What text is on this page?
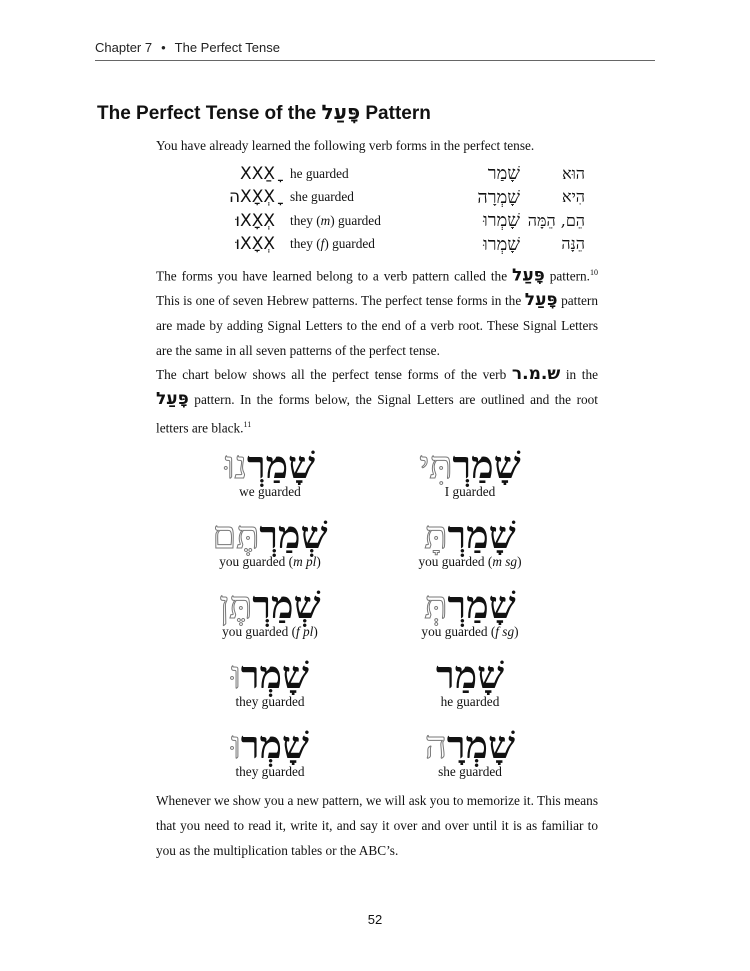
Chapter 7 • The Perfect Tense
The Perfect Tense of the פָּעַל Pattern
You have already learned the following verb forms in the perfect tense.
XXַXָ	he guarded	שָׁמַר	הוּא
XָXְXָה	she guarded	שָׁמְרָה	הִיא
XָXְXוּ	they (m) guarded	שָׁמְרוּ	הֵם, הֵמָּה
XָXְXוּ	they (f) guarded	שָׁמְרוּ	הֵנָּה
The forms you have learned belong to a verb pattern called the פָּעַל pattern.$^{10}$ This is one of seven Hebrew patterns. The perfect tense forms in the פָּעַל pattern are made by adding Signal Letters to the end of a verb root. These Signal Letters are the same in all seven patterns of the perfect tense.
The chart below shows all the perfect tense forms of the verb ש.מ.ר in the פָּעַל pattern. In the forms below, the Signal Letters are outlined and the root letters are black.$^{11}$
שָׁמַרְנוּ
we guarded
שְׁמַרְתֶּם
you guarded (m pl)
שְׁמַרְתֶּן
you guarded (f pl)
שָׁמְרוּ
they guarded
שָׁמְרוּ
they guarded
שָׁמַרְתִּי
I guarded
שָׁמַרְתָּ
you guarded (m sg)
שָׁמַרְתְּ
you guarded (f sg)
שָׁמַר
he guarded
שָׁמְרָה
she guarded
Whenever we show you a new pattern, we will ask you to memorize it. This means that you need to read it, write it, and say it over and over until it is as familiar to you as the multiplication tables or the ABC’s.
52
